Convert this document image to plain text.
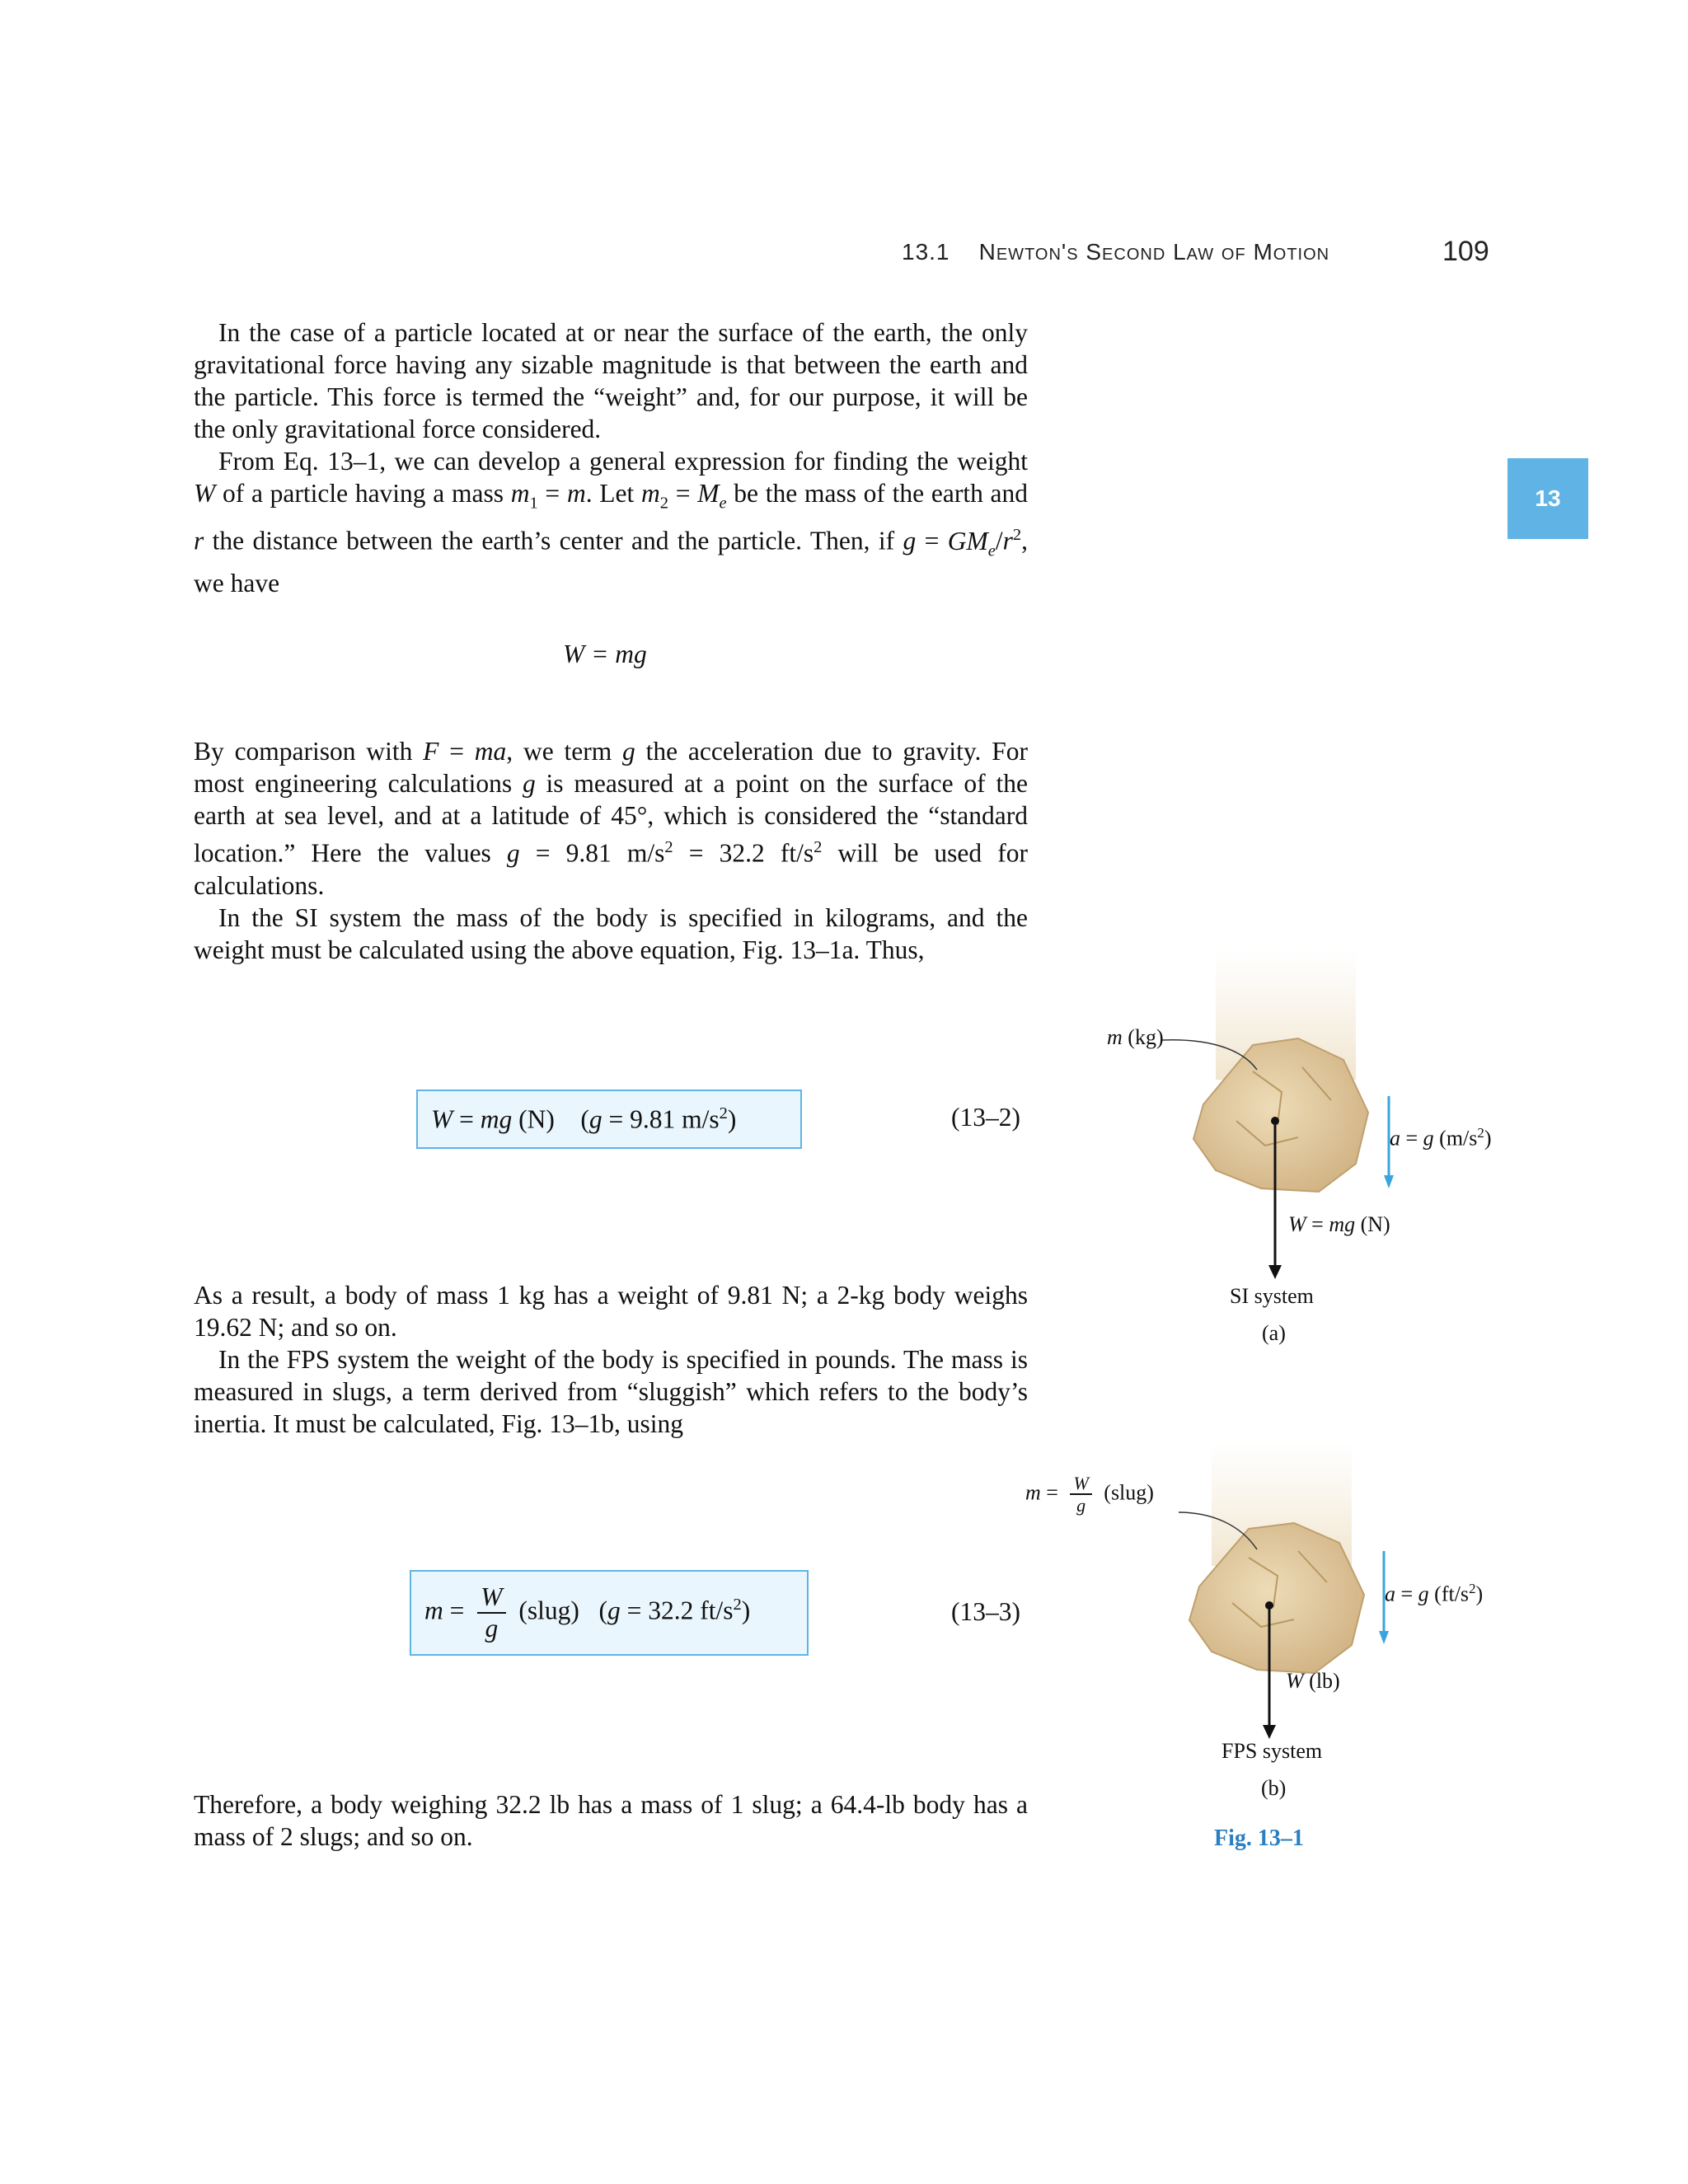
13.1 Newton's Second Law of Motion	109
13

In the case of a particle located at or near the surface of the earth, the only gravitational force having any sizable magnitude is that between the earth and the particle. This force is termed the “weight” and, for our purpose, it will be the only gravitational force considered.

From Eq. 13–1, we can develop a general expression for finding the weight W of a particle having a mass $m_1 = m$. Let $m_2 = M_e$ be the mass of the earth and r the distance between the earth’s center and the particle. Then, if $g = GM_e/r^2$, we have

W = mg

By comparison with F = ma, we term g the acceleration due to gravity. For most engineering calculations g is measured at a point on the surface of the earth at sea level, and at a latitude of 45°, which is considered the “standard location.” Here the values g = 9.81 $m/s^2 = 32.2$ $ft/s^2$ will be used for calculations.

In the SI system the mass of the body is specified in kilograms, and the weight must be calculated using the above equation, Fig. 13–1a. Thus,

W = mg (N)    (g = 9.81 $m/s^2$)	(13–2)

As a result, a body of mass 1 kg has a weight of 9.81 N; a 2-kg body weighs 19.62 N; and so on.

In the FPS system the weight of the body is specified in pounds. The mass is measured in slugs, a term derived from “sluggish” which refers to the body’s inertia. It must be calculated, Fig. 13–1b, using

$m = \frac{W}{g}$ (slug)   (g = 32.2 $ft/s^2$)	(13–3)

Therefore, a body weighing 32.2 lb has a mass of 1 slug; a 64.4-lb body has a mass of 2 slugs; and so on.

m (kg)
a = g $(m/s^2)$
W = mg (N)
SI system
(a)
$m = \frac{W}{g}$ (slug)
a = g $(ft/s^2)$
W (lb)
FPS system
(b)
Fig. 13–1
